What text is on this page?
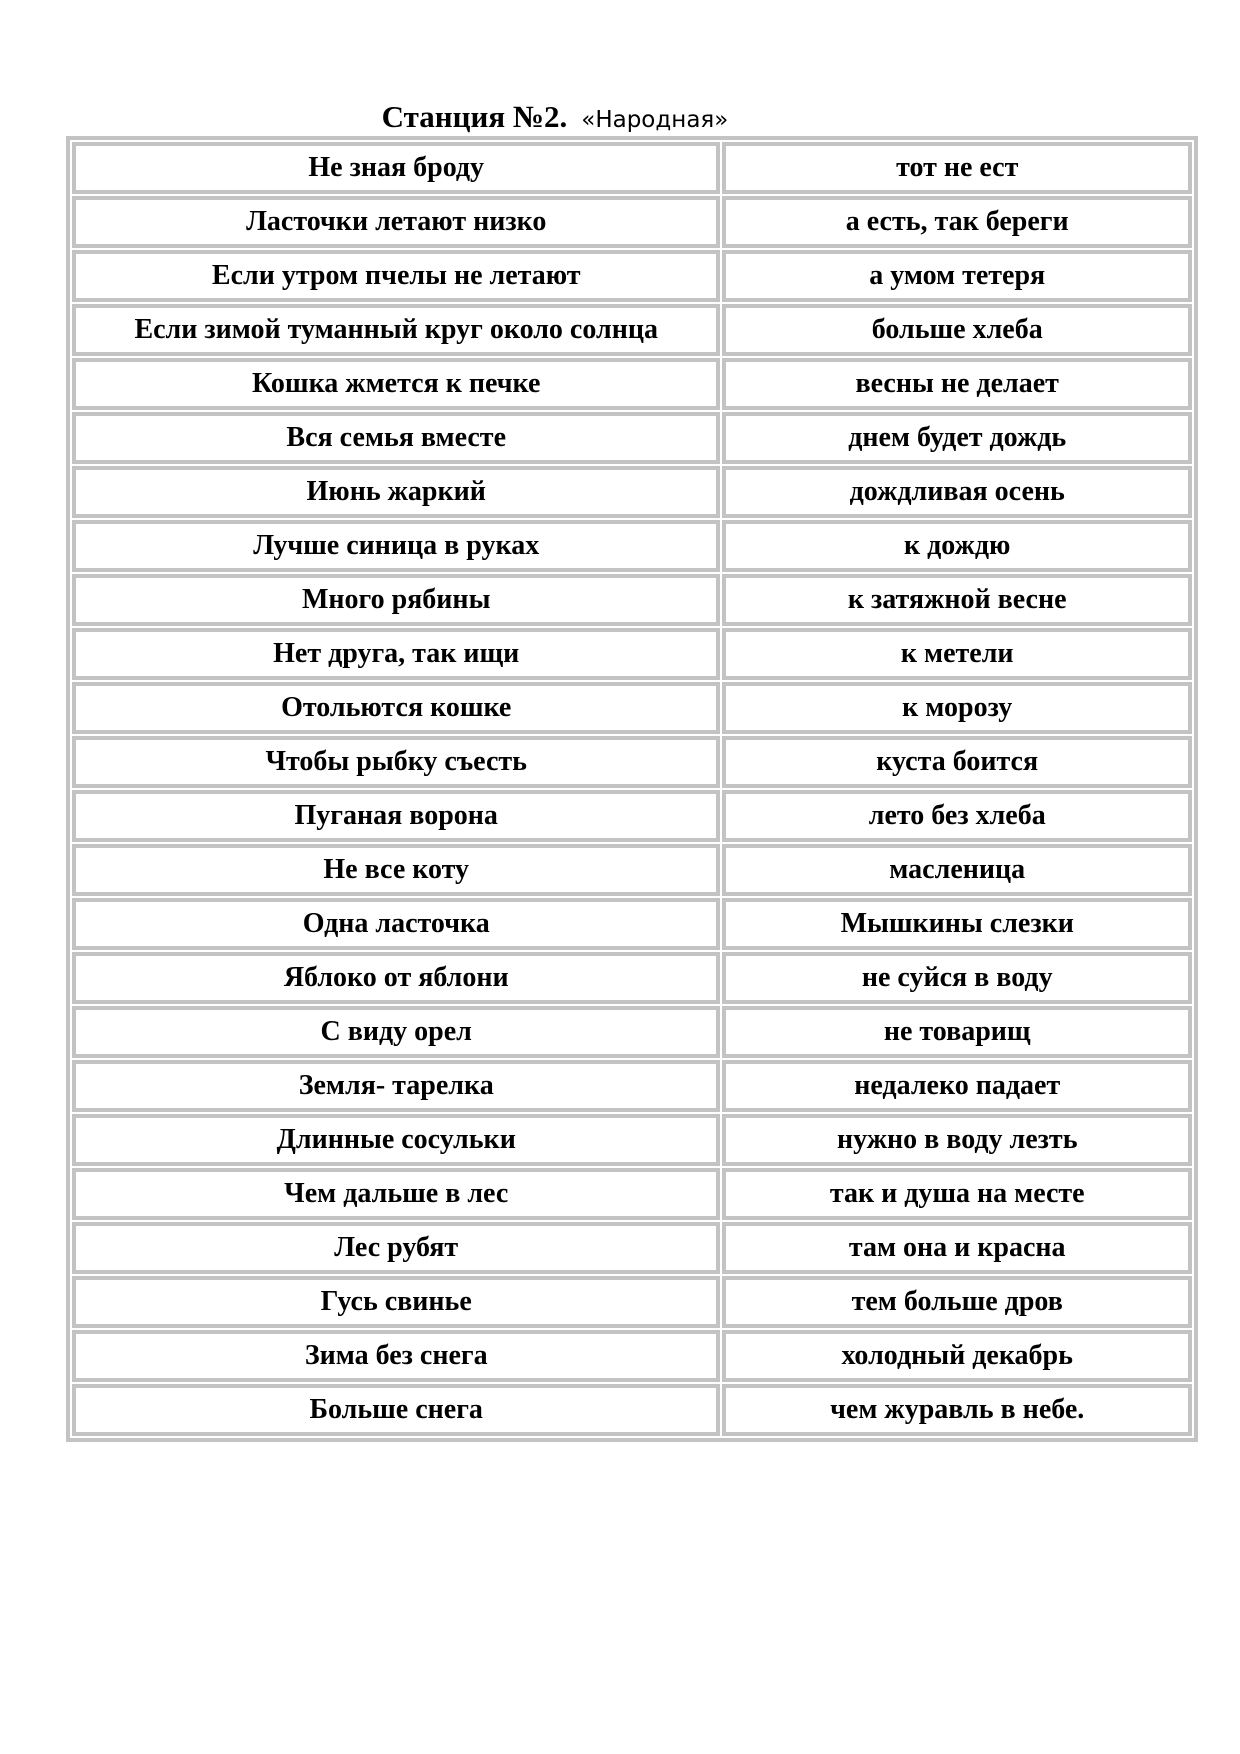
Станция №2. «Народная»
Не зная броду	тот не ест
Ласточки летают низко	а есть, так береги
Если утром пчелы не летают	а умом тетеря
Если зимой туманный круг около солнца	больше хлеба
Кошка жмется к печке	весны не делает
Вся семья вместе	днем будет дождь
Июнь жаркий	дождливая осень
Лучше синица в руках	к дождю
Много рябины	к затяжной весне
Нет друга, так ищи	к метели
Отольются кошке	к морозу
Чтобы рыбку съесть	куста боится
Пуганая ворона	лето без хлеба
Не все коту	масленица
Одна ласточка	Мышкины слезки
Яблоко от яблони	не суйся в воду
С виду орел	не товарищ
Земля- тарелка	недалеко падает
Длинные сосульки	нужно в воду лезть
Чем дальше в лес	так и душа на месте
Лес рубят	там она и красна
Гусь свинье	тем больше дров
Зима без снега	холодный декабрь
Больше снега	чем журавль в небе.
